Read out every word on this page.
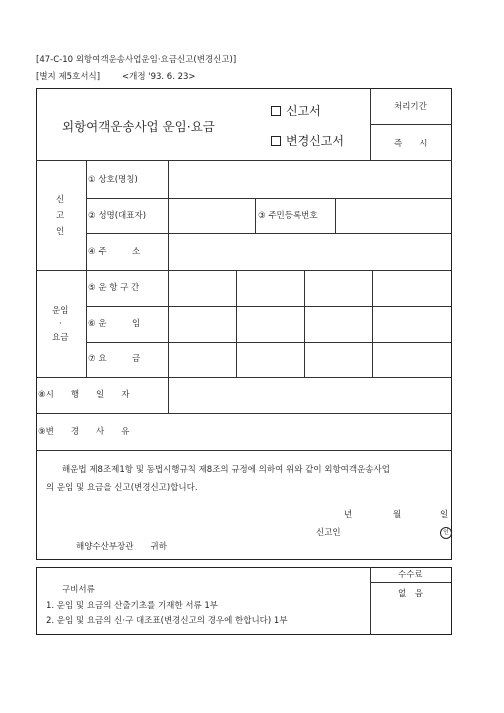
[47-C-10 외항여객운송사업운임·요금신고(변경신고)]
[별지 제5호서식]	<개정 '93. 6. 23>
외항여객운송사업 운임·요금
신고서
변경신고서
처리기간
즉　　시
신
고
인
① 상호(명칭)
② 성명(대표자)	③ 주민등록번호
④ 주　　　소
운임
·
요금
⑤ 운 항 구 간
⑥ 운　　　임
⑦ 요　　　금
⑧시　　행　　일　　자
⑨변　　경　　사　　유
해운법 제8조제1항 및 동법시행규칙 제8조의 규정에 의하여 위와 같이 외항여객운송사업
의 운임 및 요금을 신고(변경신고)합니다.
년	월	일
신고인	인
해양수산부장관　　귀하
구비서류
1. 운임 및 요금의 산출기초를 기재한 서류 1부
2. 운임 및 요금의 신·구 대조표(변경신고의 경우에 한합니다) 1부
수수료
없　음
